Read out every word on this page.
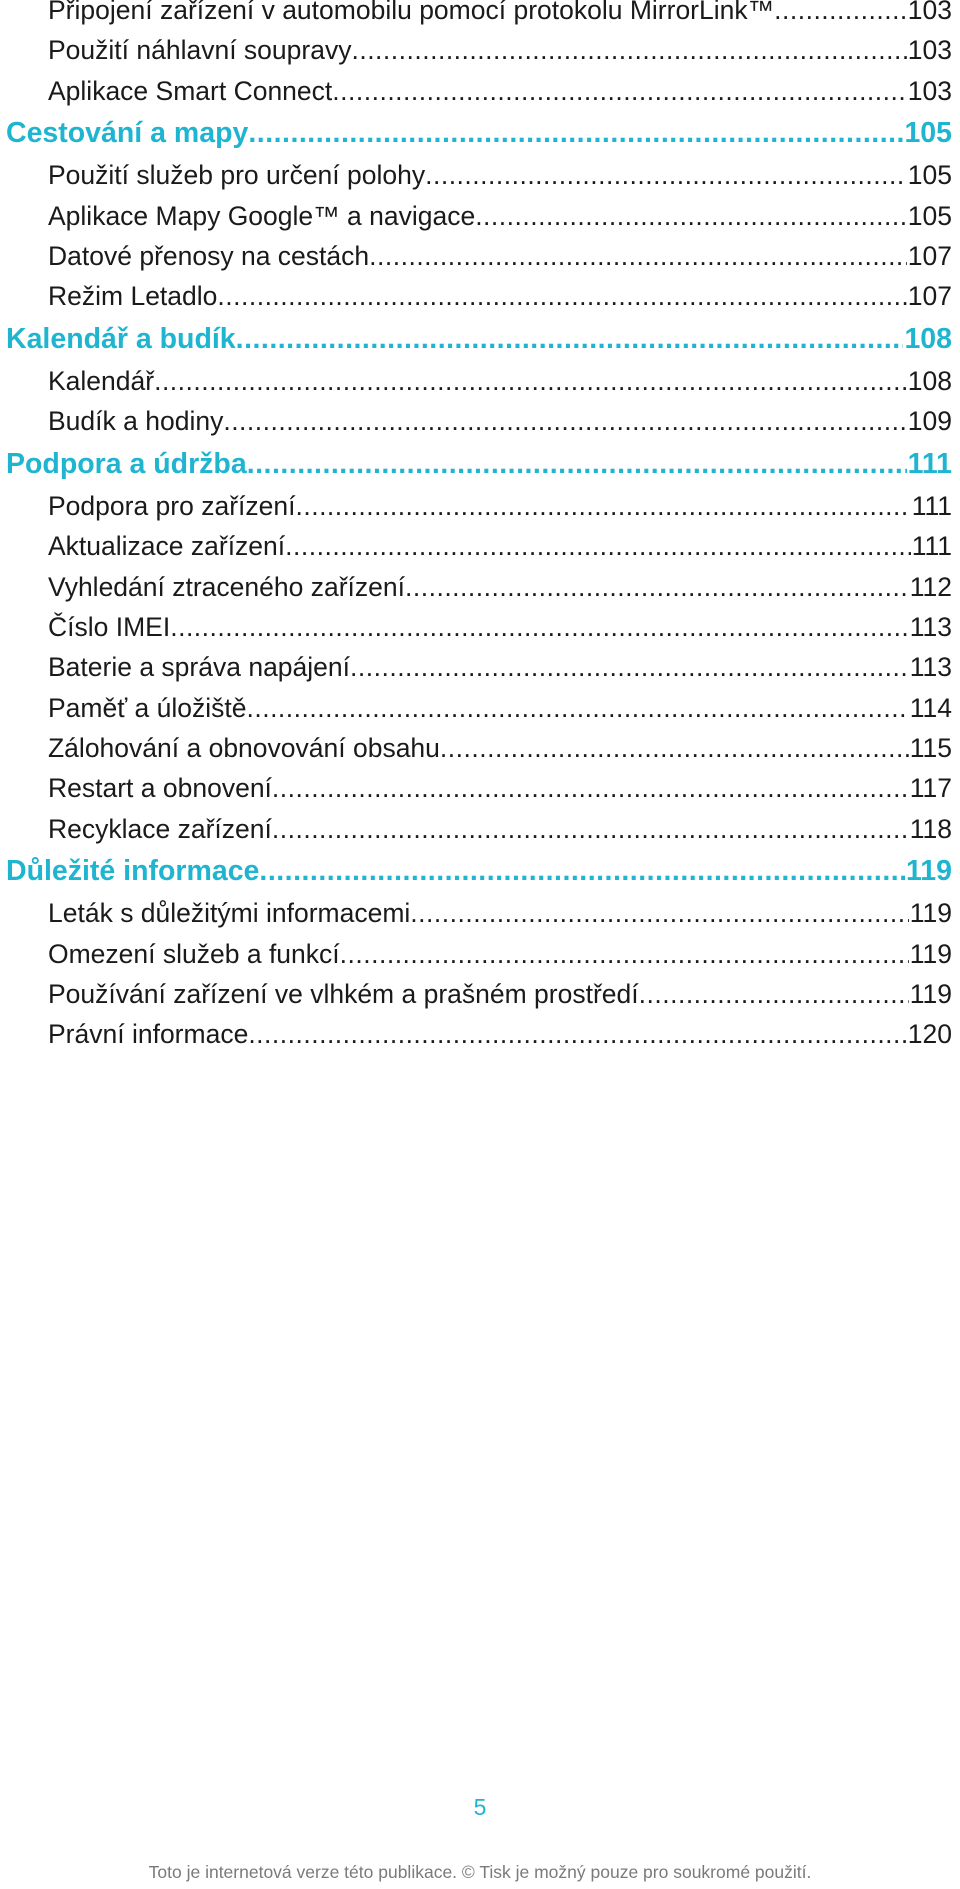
Připojení zařízení v automobilu pomocí protokolu MirrorLink™ .....	103
Použití náhlavní soupravy .....	103
Aplikace Smart Connect .....	103
Cestování a mapy .....	105
Použití služeb pro určení polohy .....	105
Aplikace Mapy Google™ a navigace .....	105
Datové přenosy na cestách .....	107
Režim Letadlo .....	107
Kalendář a budík .....	108
Kalendář .....	108
Budík a hodiny .....	109
Podpora a údržba .....	111
Podpora pro zařízení .....	111
Aktualizace zařízení .....	111
Vyhledání ztraceného zařízení .....	112
Číslo IMEI .....	113
Baterie a správa napájení .....	113
Paměť a úložiště .....	114
Zálohování a obnovování obsahu .....	115
Restart a obnovení .....	117
Recyklace zařízení .....	118
Důležité informace .....	119
Leták s důležitými informacemi .....	119
Omezení služeb a funkcí .....	119
Používání zařízení ve vlhkém a prašném prostředí .....	119
Právní informace .....	120
5
Toto je internetová verze této publikace. © Tisk je možný pouze pro soukromé použití.
